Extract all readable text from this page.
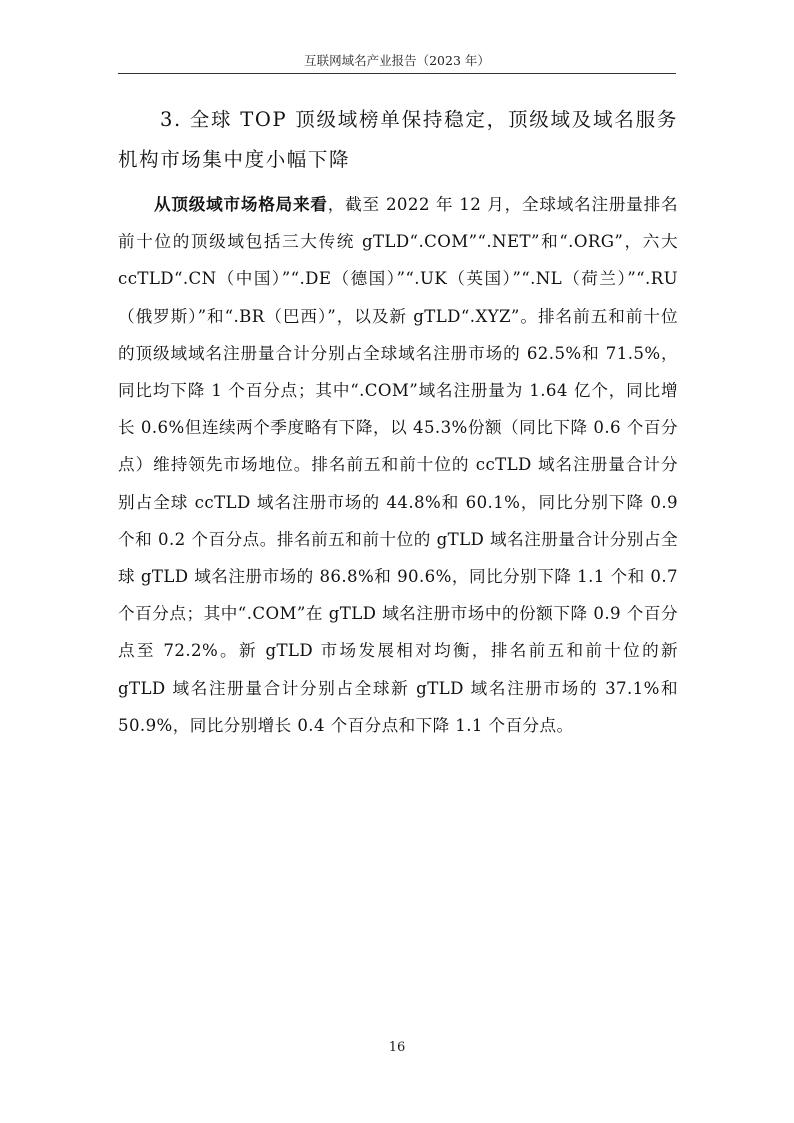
互联网域名产业报告（2023 年）
3. 全球 TOP 顶级域榜单保持稳定，顶级域及域名服务机构市场集中度小幅下降

从顶级域市场格局来看，截至 2022 年 12 月，全球域名注册量排名前十位的顶级域包括三大传统 gTLD“.COM”“.NET”和“.ORG”，六大 ccTLD“.CN（中国）”“.DE（德国）”“.UK（英国）”“.NL（荷兰）”“.RU（俄罗斯）”和“.BR（巴西）”，以及新 gTLD“.XYZ”。排名前五和前十位的顶级域域名注册量合计分别占全球域名注册市场的 62.5%和 71.5%，同比均下降 1 个百分点；其中“.COM”域名注册量为 1.64 亿个，同比增长 0.6%但连续两个季度略有下降，以 45.3%份额（同比下降 0.6 个百分点）维持领先市场地位。排名前五和前十位的 ccTLD 域名注册量合计分别占全球 ccTLD 域名注册市场的 44.8%和 60.1%，同比分别下降 0.9 个和 0.2 个百分点。排名前五和前十位的 gTLD 域名注册量合计分别占全球 gTLD 域名注册市场的 86.8%和 90.6%，同比分别下降 1.1 个和 0.7 个百分点；其中“.COM”在 gTLD 域名注册市场中的份额下降 0.9 个百分点至 72.2%。新 gTLD 市场发展相对均衡，排名前五和前十位的新 gTLD 域名注册量合计分别占全球新 gTLD 域名注册市场的 37.1%和 50.9%，同比分别增长 0.4 个百分点和下降 1.1 个百分点。

16
